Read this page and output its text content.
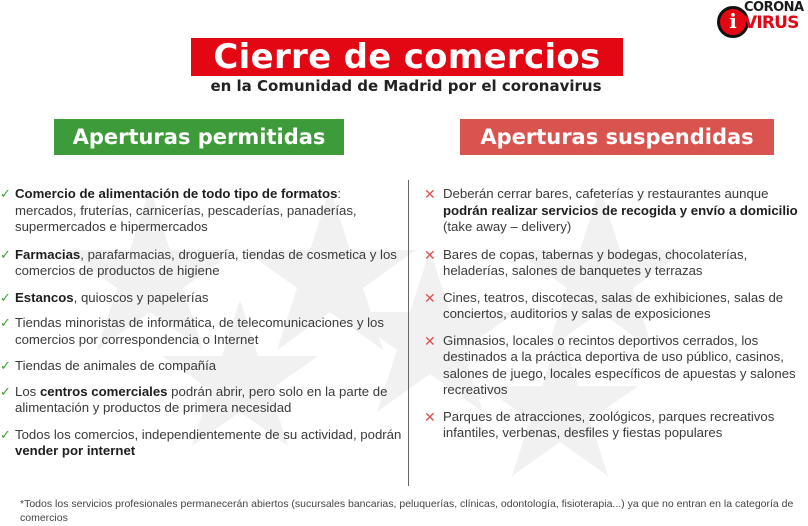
i
CORONA
VIRUS
Cierre de comercios
en la Comunidad de Madrid por el coronavirus
Aperturas permitidas	Aperturas suspendidas
✓ Comercio de alimentación de todo tipo de formatos: mercados, fruterías, carnicerías, pescaderías, panaderías, supermercados e hipermercados
✓ Farmacias, parafarmacias, droguería, tiendas de cosmetica y los comercios de productos de higiene
✓ Estancos, quioscos y papelerías
✓ Tiendas minoristas de informática, de telecomunicaciones y los comercios por correspondencia o Internet
✓ Tiendas de animales de compañía
✓ Los centros comerciales podrán abrir, pero solo en la parte de alimentación y productos de primera necesidad
✓ Todos los comercios, independientemente de su actividad, podrán vender por internet
✕ Deberán cerrar bares, cafeterías y restaurantes aunque podrán realizar servicios de recogida y envío a domicilio (take away – delivery)
✕ Bares de copas, tabernas y bodegas, chocolaterías, heladerías, salones de banquetes y terrazas
✕ Cines, teatros, discotecas, salas de exhibiciones, salas de conciertos, auditorios y salas de exposiciones
✕ Gimnasios, locales o recintos deportivos cerrados, los destinados a la práctica deportiva de uso público, casinos, salones de juego, locales específicos de apuestas y salones recreativos
✕ Parques de atracciones, zoológicos, parques recreativos infantiles, verbenas, desfiles y fiestas populares
*Todos los servicios profesionales permanecerán abiertos (sucursales bancarias, peluquerías, clínicas, odontología, fisioterapia...) ya que no entran en la categoría de comercios
